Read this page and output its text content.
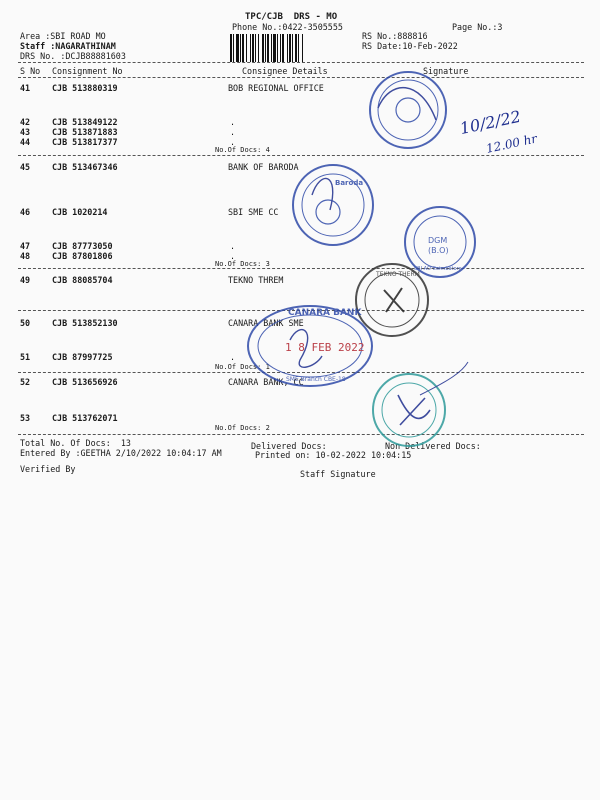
TPC/CJB  DRS - MO
Phone No.:0422-3505555	Page No.:3
Area :SBI ROAD MO
Staff :NAGARATHINAM
DRS No. :DCJB88881603
RS No.:888816
RS Date:10-Feb-2022
S No Consignment No	Consignee Details	Signature
41	CJB 513880319	BOB REGIONAL OFFICE
42	CJB 513849122	.
43	CJB 513871883	.
44	CJB 513817377	.
No.Of Docs: 4
45	CJB 513467346	BANK OF BARODA
46	CJB 1020214	SBI SME CC
47	CJB 87773050	.
48	CJB 87801806	.
No.Of Docs: 3
49	CJB 88085704	TEKNO THREM
50	CJB 513852130	CANARA BANK SME
51	CJB 87997725	.
No.Of Docs: 1
52	CJB 513656926	CANARA BANK, CC
53	CJB 513762071
No.Of Docs: 2
Total No. Of Docs:  13
Entered By :GEETHA 2/10/2022 10:04:17 AM
Delivered Docs:	Non Delivered Docs:
Printed on: 10-02-2022 10:04:15
Verified By	Staff Signature
10/2/22
12.00 hr
Baroda
DGM
(B.O)
SBI AO Coimbatore
TEKNO THERM
CANARA BANK
1 8 FEB 2022
SME Branch CBE-18
